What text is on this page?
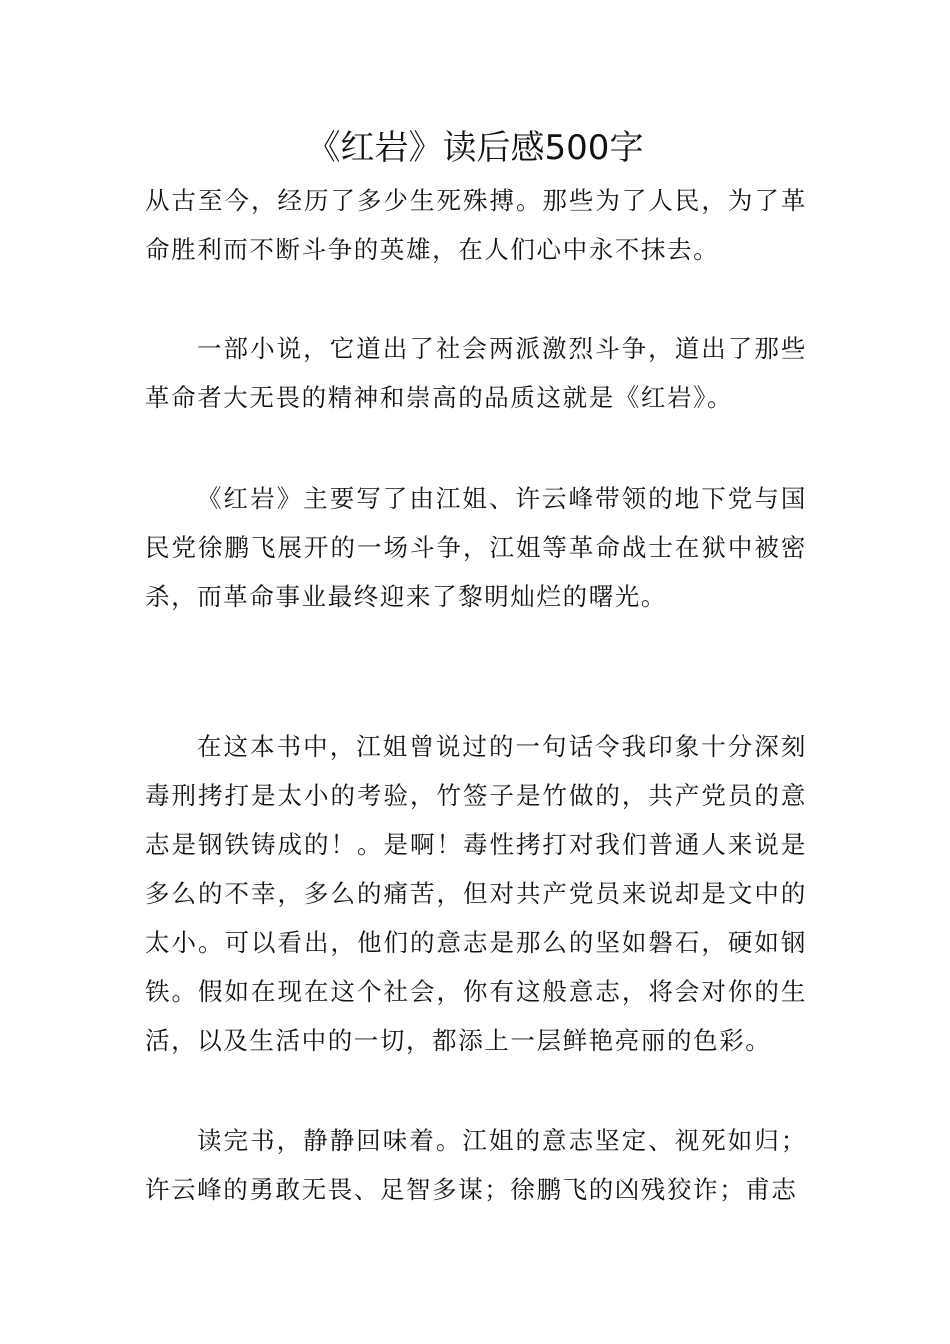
《红岩》读后感500字

从古至今，经历了多少生死殊搏。那些为了人民，为了革命胜利而不断斗争的英雄，在人们心中永不抹去。

一部小说，它道出了社会两派激烈斗争，道出了那些革命者大无畏的精神和崇高的品质这就是《红岩》。

《红岩》主要写了由江姐、许云峰带领的地下党与国民党徐鹏飞展开的一场斗争，江姐等革命战士在狱中被密杀，而革命事业最终迎来了黎明灿烂的曙光。

在这本书中，江姐曾说过的一句话令我印象十分深刻毒刑拷打是太小的考验，竹签子是竹做的，共产党员的意志是钢铁铸成的！。是啊！毒性拷打对我们普通人来说是多么的不幸，多么的痛苦，但对共产党员来说却是文中的太小。可以看出，他们的意志是那么的坚如磐石，硬如钢铁。假如在现在这个社会，你有这般意志，将会对你的生活，以及生活中的一切，都添上一层鲜艳亮丽的色彩。

读完书，静静回味着。江姐的意志坚定、视死如归；许云峰的勇敢无畏、足智多谋；徐鹏飞的凶残狡诈；甫志
